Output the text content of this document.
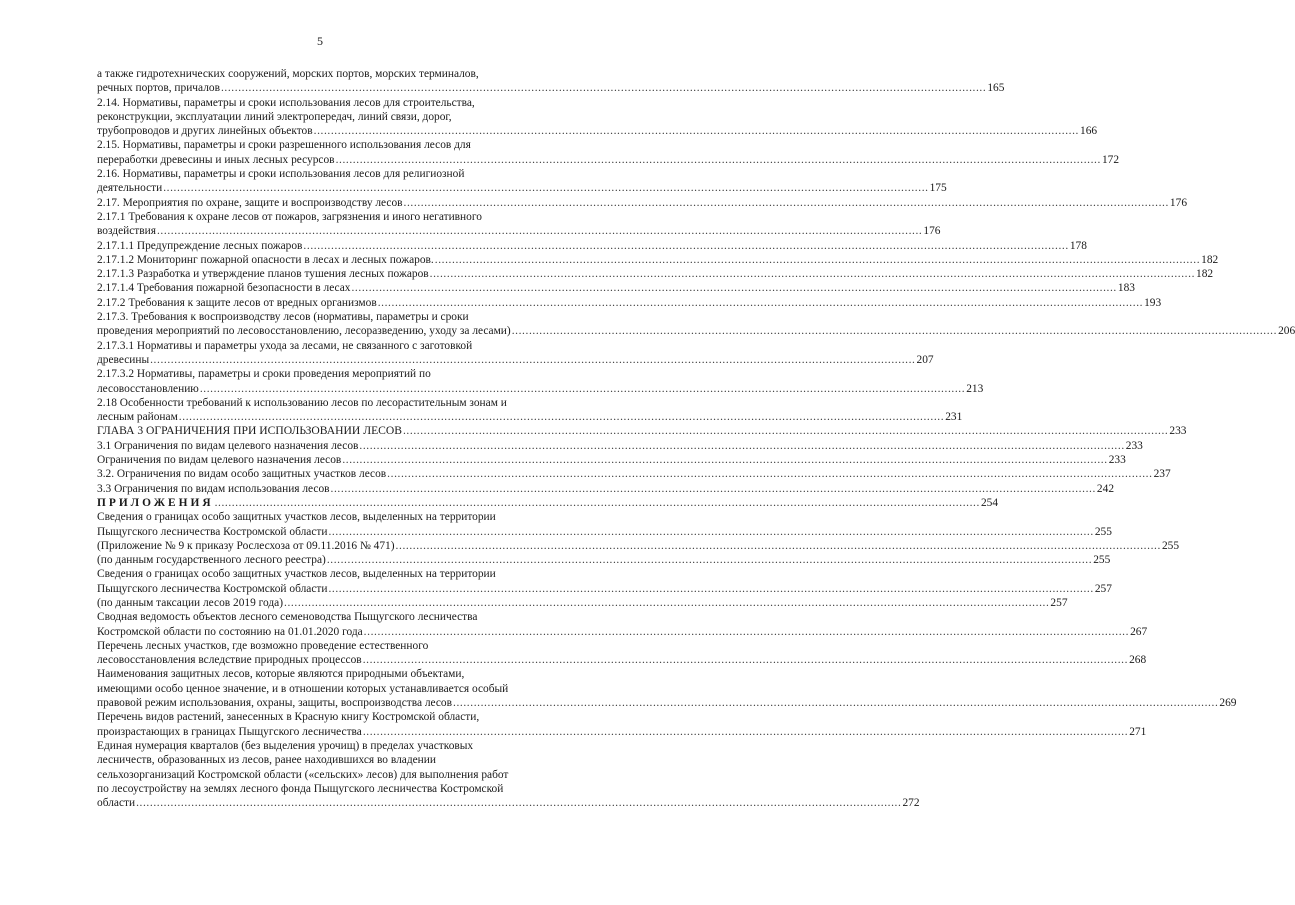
5
а также гидротехнических сооружений, морских портов, морских терминалов,
речных портов, причалов .............................................................................................................................................................................................................................. 165
2.14. Нормативы, параметры и сроки использования лесов для строительства,
реконструкции, эксплуатации линий электропередач, линий связи, дорог,
трубопроводов и других линейных объектов .............................................................................................................................................................................................................................. 166
2.15. Нормативы, параметры и сроки разрешенного использования лесов для
переработки древесины и иных лесных ресурсов .............................................................................................................................................................................................................................. 172
2.16. Нормативы, параметры и сроки использования лесов для религиозной
деятельности .............................................................................................................................................................................................................................. 175
2.17. Мероприятия по охране, защите и воспроизводству лесов .............................................................................................................................................................................................................................. 176
2.17.1 Требования к охране лесов от пожаров, загрязнения и иного негативного
воздействия .............................................................................................................................................................................................................................. 176
2.17.1.1 Предупреждение лесных пожаров .............................................................................................................................................................................................................................. 178
2.17.1.2 Мониторинг пожарной опасности в лесах и лесных пожаров. .............................................................................................................................................................................................................................. 182
2.17.1.3 Разработка и утверждение планов тушения лесных пожаров .............................................................................................................................................................................................................................. 182
2.17.1.4 Требования пожарной безопасности в лесах .............................................................................................................................................................................................................................. 183
2.17.2 Требования к защите лесов от вредных организмов .............................................................................................................................................................................................................................. 193
2.17.3. Требования к воспроизводству лесов (нормативы, параметры и сроки
проведения мероприятий по лесовосстановлению, лесоразведению, уходу за лесами) .............................................................................................................................................................................................................................. 206
2.17.3.1 Нормативы и параметры ухода за лесами, не связанного с заготовкой
древесины .............................................................................................................................................................................................................................. 207
2.17.3.2 Нормативы, параметры и сроки проведения мероприятий по
лесовосстановлению .............................................................................................................................................................................................................................. 213
2.18 Особенности требований к использованию лесов по лесорастительным зонам и
лесным районам .............................................................................................................................................................................................................................. 231
ГЛАВА 3 ОГРАНИЧЕНИЯ ПРИ ИСПОЛЬЗОВАНИИ ЛЕСОВ .............................................................................................................................................................................................................................. 233
3.1 Ограничения по видам целевого назначения лесов .............................................................................................................................................................................................................................. 233
Ограничения по видам целевого назначения лесов .............................................................................................................................................................................................................................. 233
3.2. Ограничения по видам особо защитных участков лесов .............................................................................................................................................................................................................................. 237
3.3 Ограничения по видам использования лесов .............................................................................................................................................................................................................................. 242
ПРИЛОЖЕНИЯ .............................................................................................................................................................................................................................. 254
Сведения о границах особо защитных участков лесов, выделенных на территории
Пыщугского лесничества Костромской области .............................................................................................................................................................................................................................. 255
(Приложение № 9 к приказу Рослесхоза от 09.11.2016 № 471) .............................................................................................................................................................................................................................. 255
(по данным государственного лесного реестра) .............................................................................................................................................................................................................................. 255
Сведения о границах особо защитных участков лесов, выделенных на территории
Пыщугского лесничества Костромской области .............................................................................................................................................................................................................................. 257
(по данным таксации лесов 2019 года) .............................................................................................................................................................................................................................. 257
Сводная ведомость объектов лесного семеноводства Пыщугского лесничества
Костромской области по состоянию на 01.01.2020 года .............................................................................................................................................................................................................................. 267
Перечень лесных участков, где возможно проведение естественного
лесовосстановления вследствие природных процессов .............................................................................................................................................................................................................................. 268
Наименования защитных лесов, которые являются природными объектами,
имеющими особо ценное значение, и в отношении которых устанавливается особый
правовой режим использования, охраны, защиты, воспроизводства лесов .............................................................................................................................................................................................................................. 269
Перечень видов растений, занесенных в Красную книгу Костромской области,
произрастающих в границах Пыщугского лесничества .............................................................................................................................................................................................................................. 271
Единая нумерация кварталов (без выделения урочищ) в пределах участковых
лесничеств, образованных из лесов, ранее находившихся во владении
сельхозорганизаций Костромской области («сельских» лесов) для выполнения работ
по лесоустройству на землях лесного фонда Пыщугского лесничества Костромской
области .............................................................................................................................................................................................................................. 272
